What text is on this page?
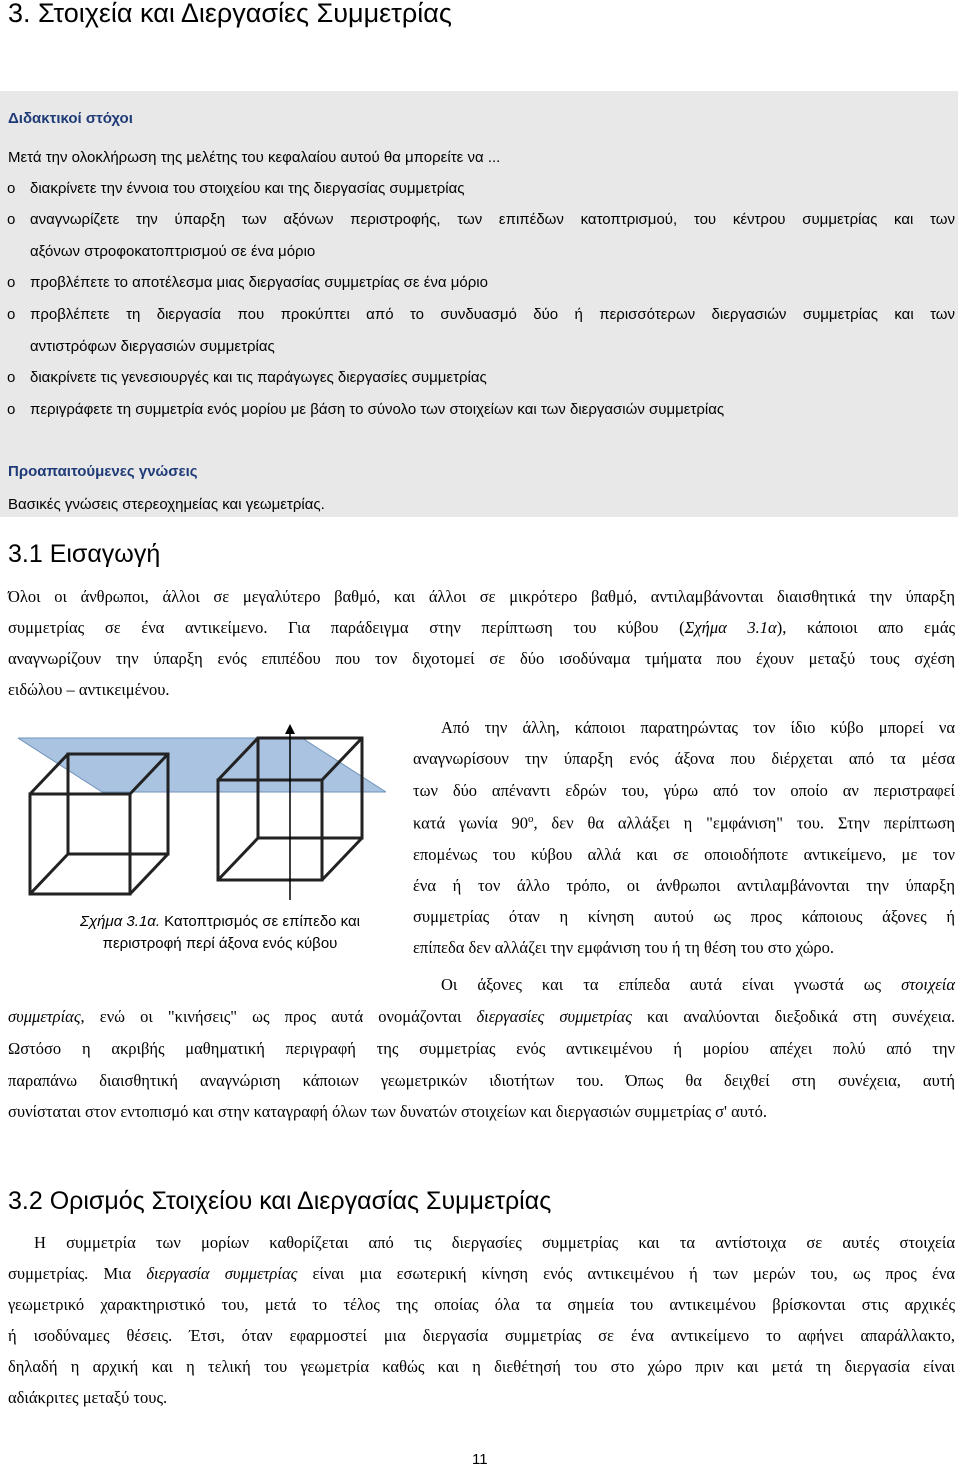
3. Στοιχεία και Διεργασίες Συμμετρίας
Διδακτικοί στόχοι
Μετά την ολοκλήρωση της μελέτης του κεφαλαίου αυτού θα μπορείτε να ...
o διακρίνετε την έννοια του στοιχείου και της διεργασίας συμμετρίας
o αναγνωρίζετε την ύπαρξη των αξόνων περιστροφής, των επιπέδων κατοπτρισμού, του κέντρου συμμετρίας και των
αξόνων στροφοκατοπτρισμού σε ένα μόριο
o προβλέπετε το αποτέλεσμα μιας διεργασίας συμμετρίας σε ένα μόριο
o προβλέπετε τη διεργασία που προκύπτει από το συνδυασμό δύο ή περισσότερων διεργασιών συμμετρίας και των
αντιστρόφων διεργασιών συμμετρίας
o διακρίνετε τις γενεσιουργές και τις παράγωγες διεργασίες συμμετρίας
o περιγράφετε τη συμμετρία ενός μορίου με βάση το σύνολο των στοιχείων και των διεργασιών συμμετρίας
Προαπαιτούμενες γνώσεις
Βασικές γνώσεις στερεοχημείας και γεωμετρίας.
3.1 Εισαγωγή
Όλοι οι άνθρωποι, άλλοι σε μεγαλύτερο βαθμό, και άλλοι σε μικρότερο βαθμό, αντιλαμβάνονται διαισθητικά την ύπαρξη
συμμετρίας σε ένα αντικείμενο. Για παράδειγμα στην περίπτωση του κύβου (Σχήμα 3.1α), κάποιοι απο εμάς
αναγνωρίζουν την ύπαρξη ενός επιπέδου που τον διχοτομεί σε δύο ισοδύναμα τμήματα που έχουν μεταξύ τους σχέση
ειδώλου – αντικειμένου.
Σχήμα 3.1α. Κατοπτρισμός σε επίπεδο και
περιστροφή περί άξονα ενός κύβου
Από την άλλη, κάποιοι παρατηρώντας τον ίδιο κύβο μπορεί να
αναγνωρίσουν την ύπαρξη ενός άξονα που διέρχεται από τα μέσα
των δύο απέναντι εδρών του, γύρω από τον οποίο αν περιστραφεί
κατά γωνία $90^o$, δεν θα αλλάξει η "εμφάνιση" του. Στην περίπτωση
επομένως του κύβου αλλά και σε οποιοδήποτε αντικείμενο, με τον
ένα ή τον άλλο τρόπο, οι άνθρωποι αντιλαμβάνονται την ύπαρξη
συμμετρίας όταν η κίνηση αυτού ως προς κάποιους άξονες ή
επίπεδα δεν αλλάζει την εμφάνιση του ή τη θέση του στο χώρο.
Οι άξονες και τα επίπεδα αυτά είναι γνωστά ως στοιχεία
συμμετρίας, ενώ οι "κινήσεις" ως προς αυτά ονομάζονται διεργασίες συμμετρίας και αναλύονται διεξοδικά στη συνέχεια.
Ωστόσο η ακριβής μαθηματική περιγραφή της συμμετρίας ενός αντικειμένου ή μορίου απέχει πολύ από την
παραπάνω διαισθητική αναγνώριση κάποιων γεωμετρικών ιδιοτήτων του. Όπως θα δειχθεί στη συνέχεια, αυτή
συνίσταται στον εντοπισμό και στην καταγραφή όλων των δυνατών στοιχείων και διεργασιών συμμετρίας σ' αυτό.
3.2 Ορισμός Στοιχείου και Διεργασίας Συμμετρίας
Η συμμετρία των μορίων καθορίζεται από τις διεργασίες συμμετρίας και τα αντίστοιχα σε αυτές στοιχεία
συμμετρίας. Μια διεργασία συμμετρίας είναι μια εσωτερική κίνηση ενός αντικειμένου ή των μερών του, ως προς ένα
γεωμετρικό χαρακτηριστικό του, μετά το τέλος της οποίας όλα τα σημεία του αντικειμένου βρίσκονται στις αρχικές
ή ισοδύναμες θέσεις. Έτσι, όταν εφαρμοστεί μια διεργασία συμμετρίας σε ένα αντικείμενο το αφήνει απαράλλακτο,
δηλαδή η αρχική και η τελική του γεωμετρία καθώς και η διεθέτησή του στο χώρο πριν και μετά τη διεργασία είναι
αδιάκριτες μεταξύ τους.
11
